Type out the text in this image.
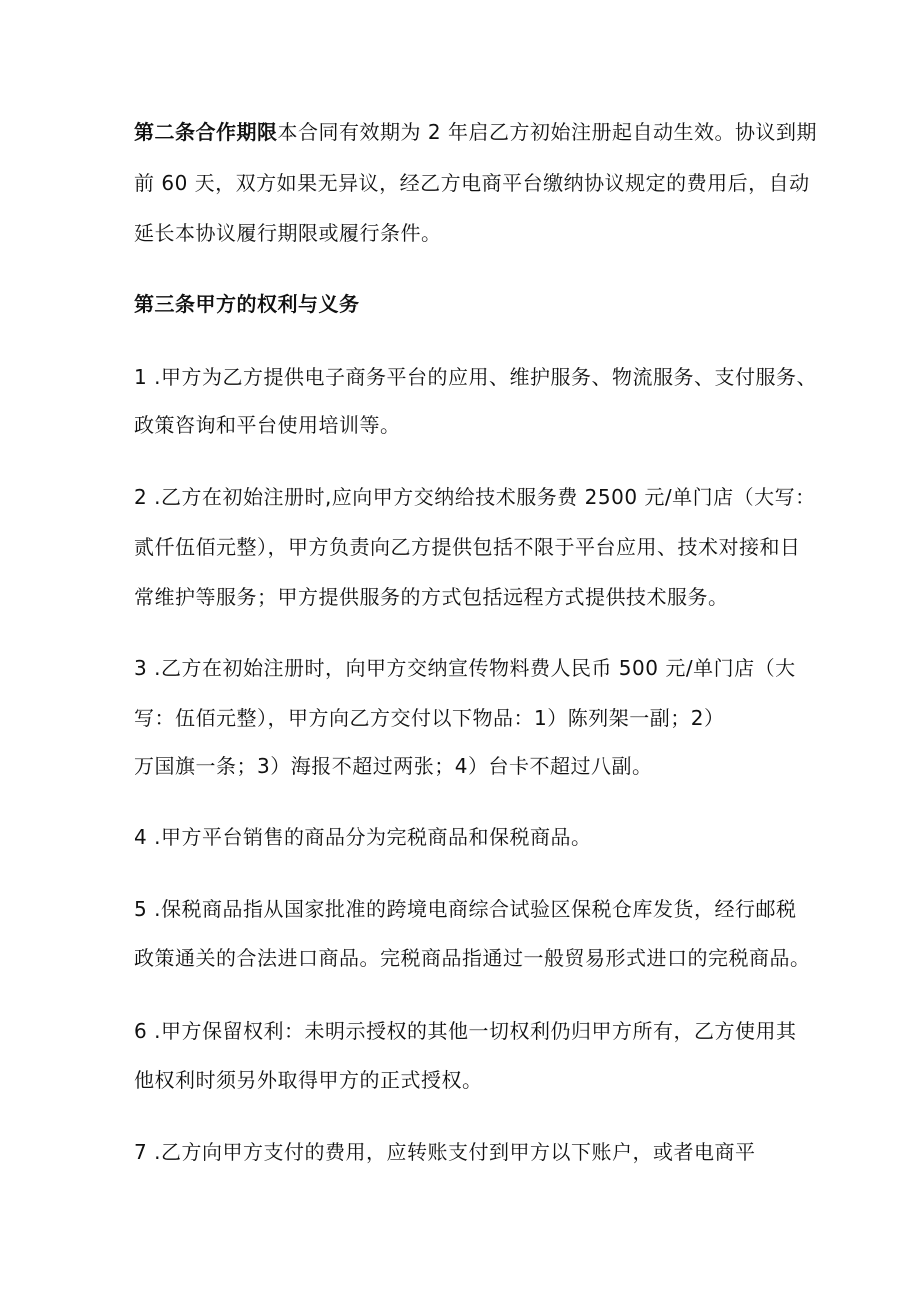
第二条合作期限本合同有效期为 2 年启乙方初始注册起自动生效。协议到期
前 60 天，双方如果无异议，经乙方电商平台缴纳协议规定的费用后，自动
延长本协议履行期限或履行条件。
第三条甲方的权利与义务
1 .甲方为乙方提供电子商务平台的应用、维护服务、物流服务、支付服务、
政策咨询和平台使用培训等。
2 .乙方在初始注册时,应向甲方交纳给技术服务费 2500 元/单门店（大写：
贰仟伍佰元整），甲方负责向乙方提供包括不限于平台应用、技术对接和日
常维护等服务；甲方提供服务的方式包括远程方式提供技术服务。
3 .乙方在初始注册时，向甲方交纳宣传物料费人民币 500 元/单门店（大
写：伍佰元整），甲方向乙方交付以下物品：1）陈列架一副；2）
万国旗一条；3）海报不超过两张；4）台卡不超过八副。
4 .甲方平台销售的商品分为完税商品和保税商品。
5 .保税商品指从国家批准的跨境电商综合试验区保税仓库发货，经行邮税
政策通关的合法进口商品。完税商品指通过一般贸易形式进口的完税商品。
6 .甲方保留权利：未明示授权的其他一切权利仍归甲方所有，乙方使用其
他权利时须另外取得甲方的正式授权。
7 .乙方向甲方支付的费用，应转账支付到甲方以下账户，或者电商平
